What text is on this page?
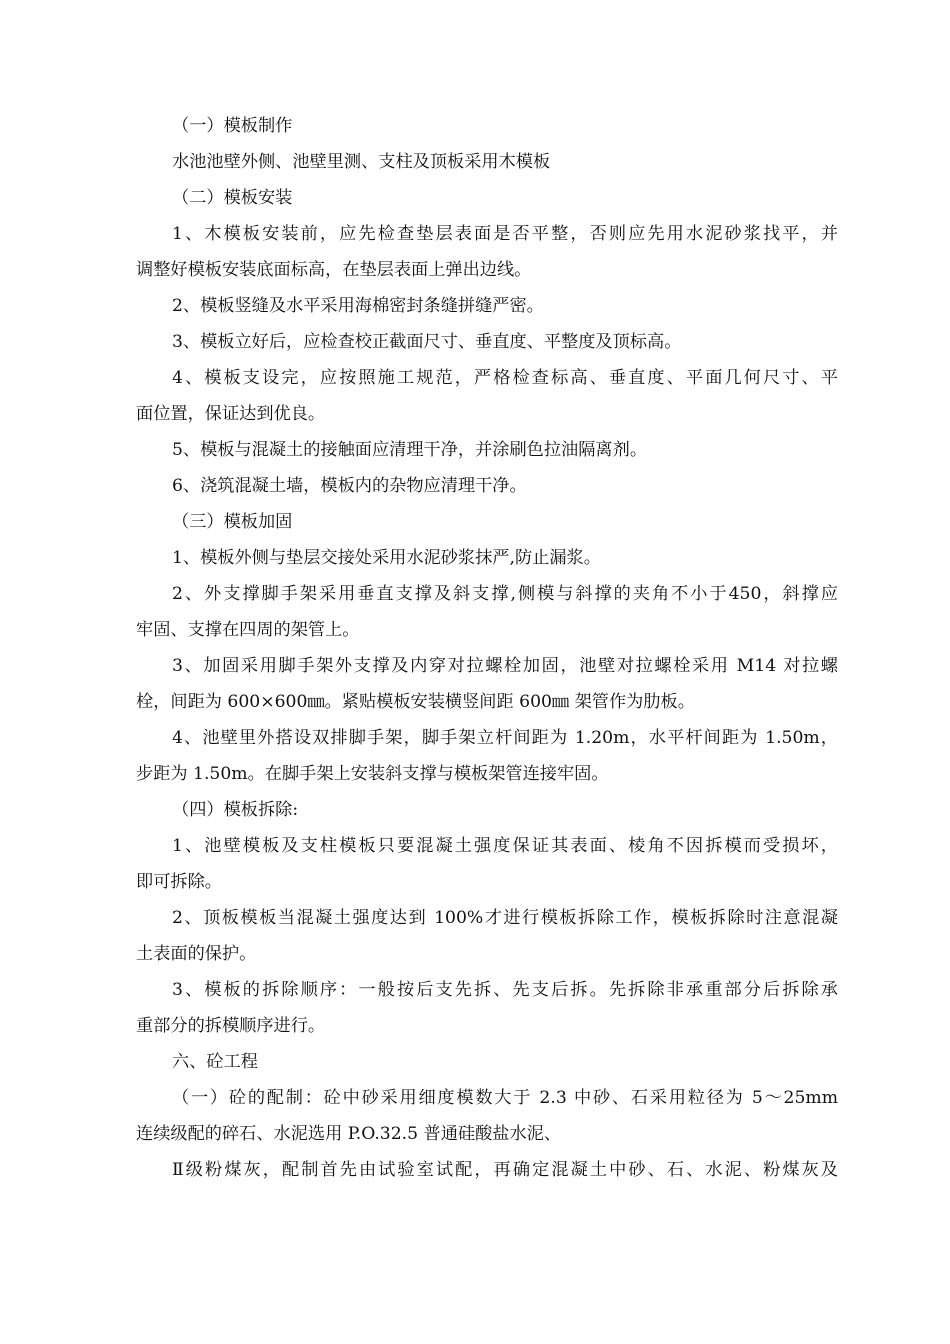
（一）模板制作

水池池壁外侧、池壁里测、支柱及顶板采用木模板

（二）模板安装

1、木模板安装前，应先检查垫层表面是否平整，否则应先用水泥砂浆找平，并

调整好模板安装底面标高，在垫层表面上弹出边线。

2、模板竖缝及水平采用海棉密封条缝拼缝严密。

3、模板立好后，应检查校正截面尺寸、垂直度、平整度及顶标高。

4、模板支设完，应按照施工规范，严格检查标高、垂直度、平面几何尺寸、平

面位置，保证达到优良。

5、模板与混凝土的接触面应清理干净，并涂刷色拉油隔离剂。

6、浇筑混凝土墙，模板内的杂物应清理干净。

（三）模板加固

1、模板外侧与垫层交接处采用水泥砂浆抹严,防止漏浆。

2、外支撑脚手架采用垂直支撑及斜支撑,侧模与斜撑的夹角不小于450，斜撑应

牢固、支撑在四周的架管上。

3、加固采用脚手架外支撑及内穿对拉螺栓加固，池壁对拉螺栓采用 M14 对拉螺

栓，间距为 600×600㎜。紧贴模板安装横竖间距 600㎜ 架管作为肋板。

4、池壁里外搭设双排脚手架，脚手架立杆间距为 1.20m，水平杆间距为 1.50m，

步距为 1.50m。在脚手架上安装斜支撑与模板架管连接牢固。

（四）模板拆除:

1、池壁模板及支柱模板只要混凝土强度保证其表面、棱角不因拆模而受损坏，

即可拆除。

2、顶板模板当混凝土强度达到 100%才进行模板拆除工作，模板拆除时注意混凝

土表面的保护。

3、模板的拆除顺序：一般按后支先拆、先支后拆。先拆除非承重部分后拆除承

重部分的拆模顺序进行。

六、砼工程

（一）砼的配制：砼中砂采用细度模数大于 2.3 中砂、石采用粒径为 5～25mm

连续级配的碎石、水泥选用 P.O.32.5 普通硅酸盐水泥、

Ⅱ级粉煤灰，配制首先由试验室试配，再确定混凝土中砂、石、水泥、粉煤灰及
